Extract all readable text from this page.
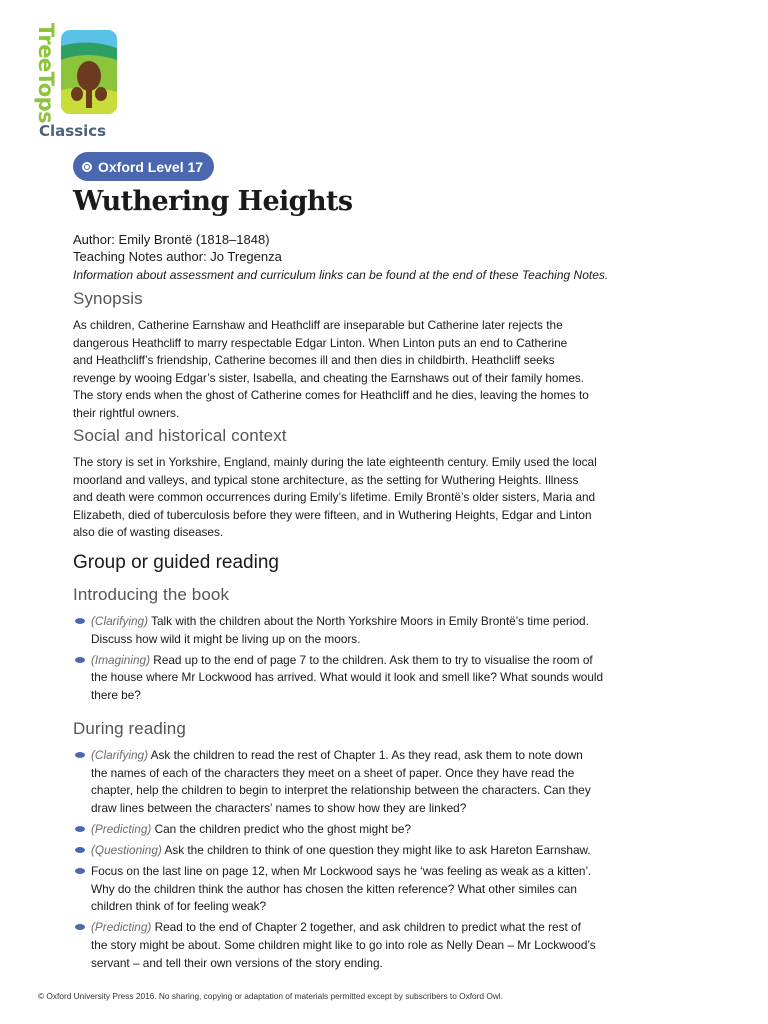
TreeTops
Classics
Oxford Level 17
Wuthering Heights
Author: Emily Brontë (1818–1848)
Teaching Notes author: Jo Tregenza
Information about assessment and curriculum links can be found at the end of these Teaching Notes.
Synopsis

As children, Catherine Earnshaw and Heathcliff are inseparable but Catherine later rejects the
dangerous Heathcliff to marry respectable Edgar Linton. When Linton puts an end to Catherine
and Heathcliff’s friendship, Catherine becomes ill and then dies in childbirth. Heathcliff seeks
revenge by wooing Edgar’s sister, Isabella, and cheating the Earnshaws out of their family homes.
The story ends when the ghost of Catherine comes for Heathcliff and he dies, leaving the homes to
their rightful owners.

Social and historical context

The story is set in Yorkshire, England, mainly during the late eighteenth century. Emily used the local
moorland and valleys, and typical stone architecture, as the setting for Wuthering Heights. Illness
and death were common occurrences during Emily’s lifetime. Emily Brontë’s older sisters, Maria and
Elizabeth, died of tuberculosis before they were fifteen, and in Wuthering Heights, Edgar and Linton
also die of wasting diseases.

Group or guided reading
Introducing the book
(Clarifying) Talk with the children about the North Yorkshire Moors in Emily Brontë’s time period.
Discuss how wild it might be living up on the moors.
(Imagining) Read up to the end of page 7 to the children. Ask them to try to visualise the room of
the house where Mr Lockwood has arrived. What would it look and smell like? What sounds would
there be?
During reading
(Clarifying) Ask the children to read the rest of Chapter 1. As they read, ask them to note down
the names of each of the characters they meet on a sheet of paper. Once they have read the
chapter, help the children to begin to interpret the relationship between the characters. Can they
draw lines between the characters’ names to show how they are linked?
(Predicting) Can the children predict who the ghost might be?
(Questioning) Ask the children to think of one question they might like to ask Hareton Earnshaw.
Focus on the last line on page 12, when Mr Lockwood says he ‘was feeling as weak as a kitten’.
Why do the children think the author has chosen the kitten reference? What other similes can
children think of for feeling weak?
(Predicting) Read to the end of Chapter 2 together, and ask children to predict what the rest of
the story might be about. Some children might like to go into role as Nelly Dean – Mr Lockwood’s
servant – and tell their own versions of the story ending.
© Oxford University Press 2016. No sharing, copying or adaptation of materials permitted except by subscribers to Oxford Owl.
